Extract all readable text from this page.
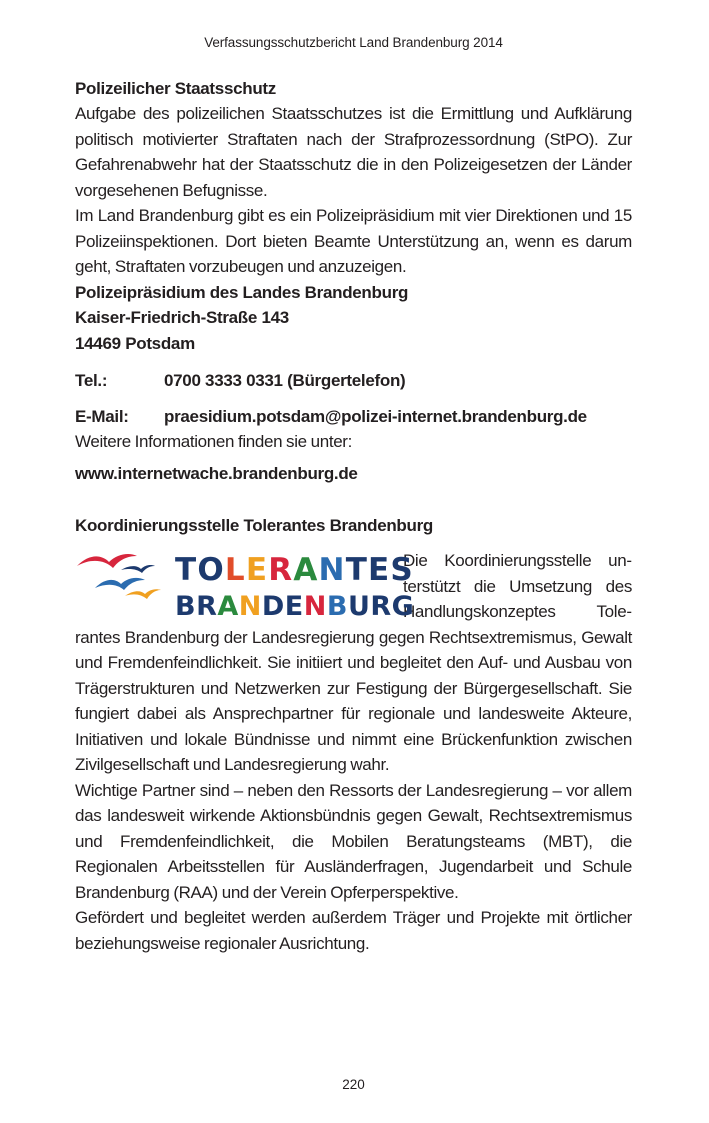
Verfassungsschutzbericht Land Brandenburg 2014
Polizeilicher Staatsschutz

Aufgabe des polizeilichen Staatsschutzes ist die Ermittlung und Aufklärung politisch motivierter Straftaten nach der Strafprozessordnung (StPO). Zur Gefahrenabwehr hat der Staatsschutz die in den Polizeigesetzen der Länder vorgesehenen Befugnisse.

Im Land Brandenburg gibt es ein Polizeipräsidium mit vier Direktionen und 15 Polizeiinspektionen. Dort bieten Beamte Unterstützung an, wenn es darum geht, Straftaten vorzubeugen und anzuzeigen.

Polizeipräsidium des Landes Brandenburg
Kaiser-Friedrich-Straße 143
14469 Potsdam
Tel.:	0700 3333 0331 (Bürgertelefon)
E-Mail:	praesidium.potsdam@polizei-internet.brandenburg.de

Weitere Informationen finden sie unter:

www.internetwache.brandenburg.de
Koordinierungsstelle Tolerantes Brandenburg
TOLERANTES
BRANDENBURG

Die Koordinierungsstelle unterstützt die Umsetzung des Handlungskonzeptes Tolerantes Brandenburg der Landesregierung gegen Rechtsextremismus, Gewalt und Fremdenfeindlichkeit. Sie initiiert und begleitet den Auf- und Ausbau von Trägerstrukturen und Netzwerken zur Festigung der Bürgergesellschaft. Sie fungiert dabei als Ansprechpartner für regionale und landesweite Akteure, Initiativen und lokale Bündnisse und nimmt eine Brückenfunktion zwischen Zivilgesellschaft und Landesregierung wahr.

Wichtige Partner sind – neben den Ressorts der Landesregierung – vor allem das landesweit wirkende Aktionsbündnis gegen Gewalt, Rechtsextremismus und Fremdenfeindlichkeit, die Mobilen Beratungsteams (MBT), die Regionalen Arbeitsstellen für Ausländerfragen, Jugendarbeit und Schule Brandenburg (RAA) und der Verein Opferperspektive.

Gefördert und begleitet werden außerdem Träger und Projekte mit örtlicher beziehungsweise regionaler Ausrichtung.

220
